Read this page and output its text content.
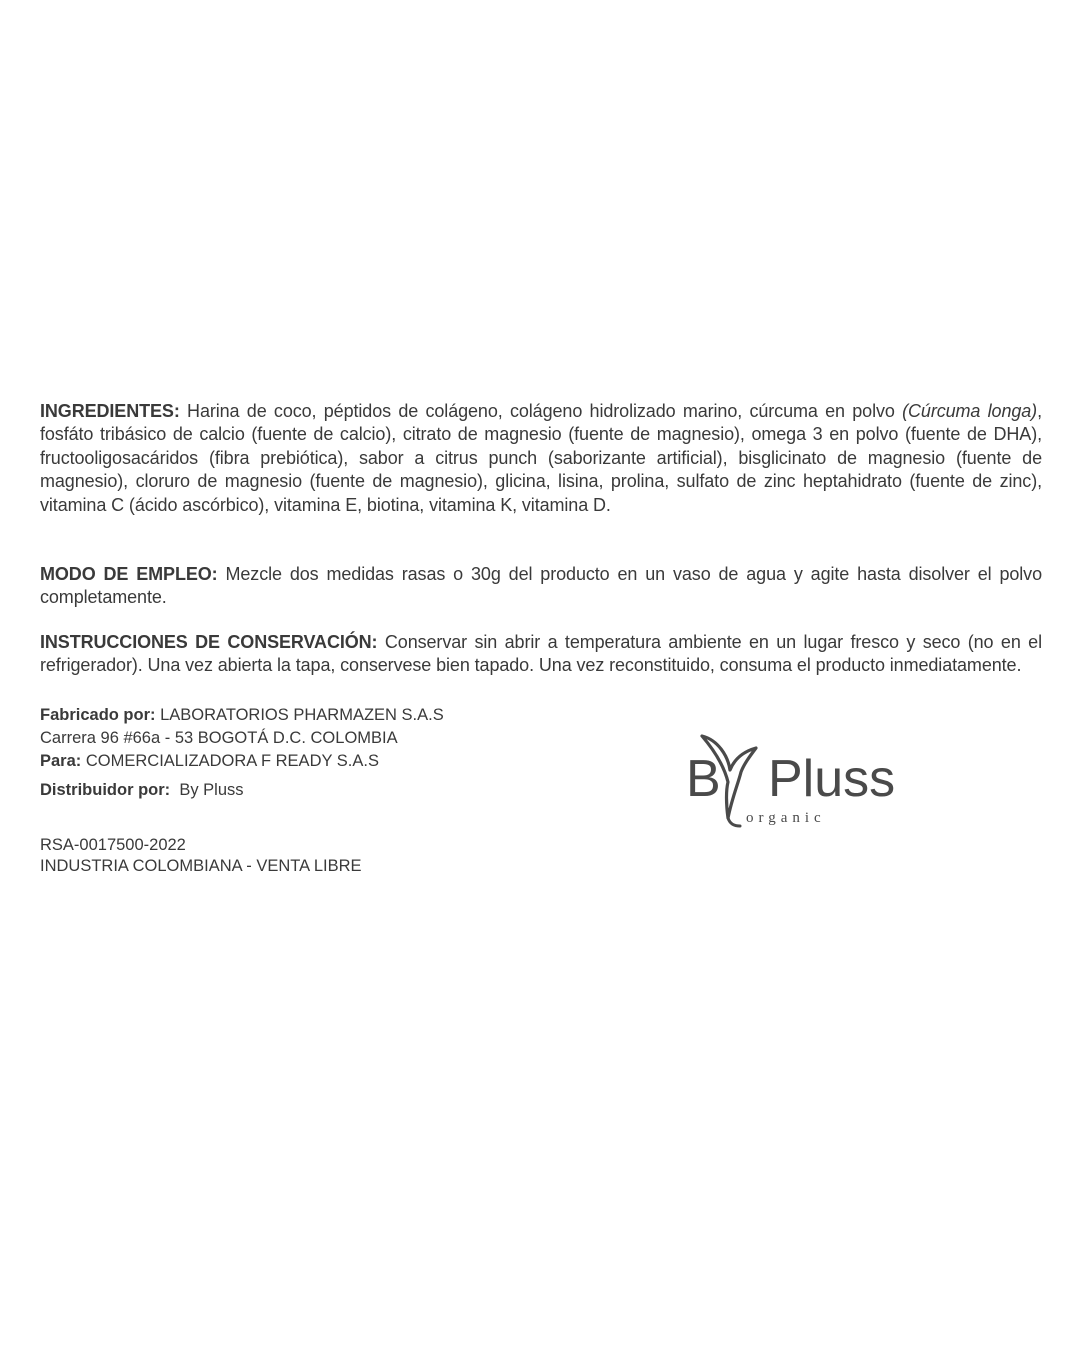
INGREDIENTES: Harina de coco, péptidos de colágeno, colágeno hidrolizado marino, cúrcuma en polvo (Cúrcuma longa), fosfáto tribásico de calcio (fuente de calcio), citrato de magnesio (fuente de magnesio), omega 3 en polvo (fuente de DHA), fructooligosacáridos (fibra prebiótica), sabor a citrus punch (saborizante artificial), bisglicinato de magnesio (fuente de magnesio), cloruro de magnesio (fuente de magnesio), glicina, lisina, prolina, sulfato de zinc heptahidrato (fuente de zinc), vitamina C (ácido ascórbico), vitamina E, biotina, vitamina K, vitamina D.

MODO DE EMPLEO: Mezcle dos medidas rasas o 30g del producto en un vaso de agua y agite hasta disolver el polvo completamente.

INSTRUCCIONES DE CONSERVACIÓN: Conservar sin abrir a temperatura ambiente en un lugar fresco y seco (no en el refrigerador). Una vez abierta la tapa, conservese bien tapado. Una vez reconstituido, consuma el producto inmediatamente.

Fabricado por: LABORATORIOS PHARMAZEN S.A.S
Carrera 96 #66a - 53 BOGOTÁ D.C. COLOMBIA
Para: COMERCIALIZADORA F READY S.A.S
Distribuidor por:  By Pluss
RSA-0017500-2022
INDUSTRIA COLOMBIANA - VENTA LIBRE
B Pluss
organic
